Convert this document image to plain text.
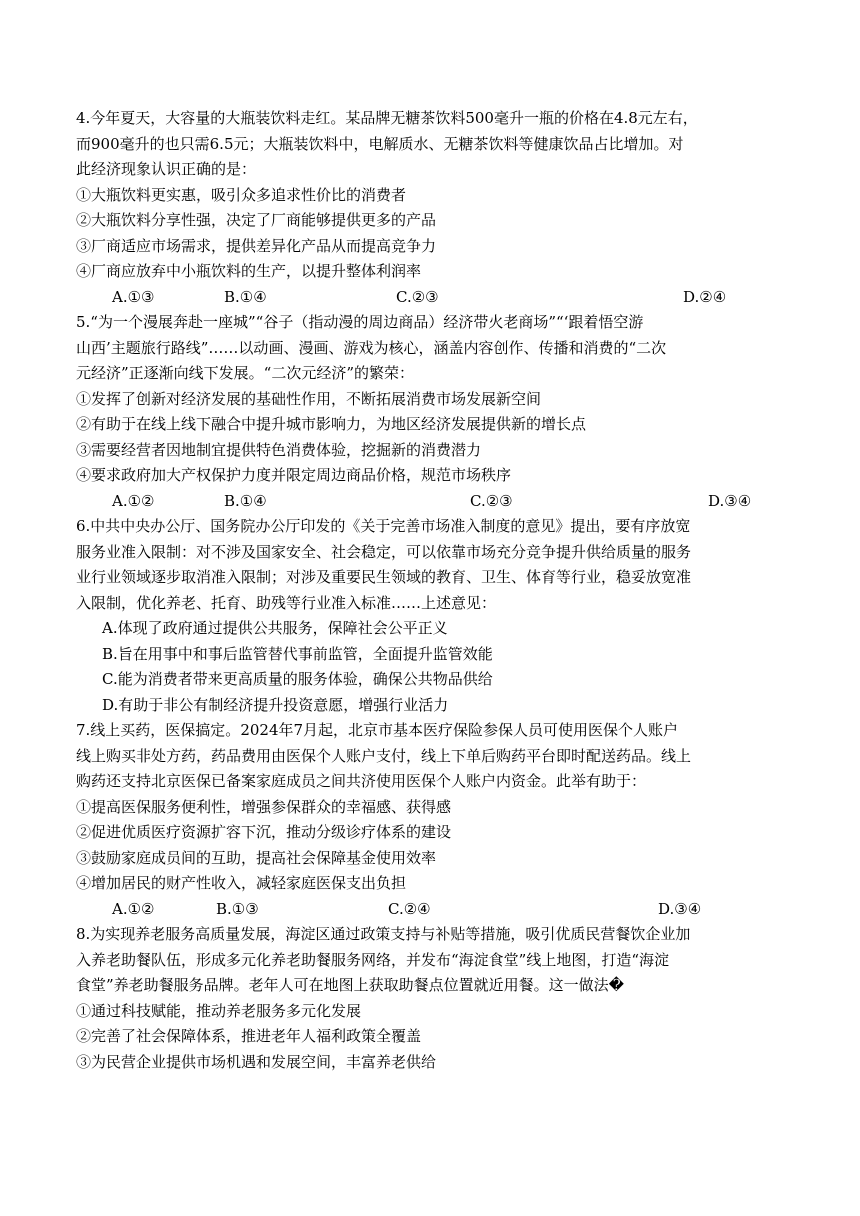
4.今年夏天，大容量的大瓶装饮料走红。某品牌无糖茶饮料500毫升一瓶的价格在4.8元左右，
而900毫升的也只需6.5元；大瓶装饮料中，电解质水、无糖茶饮料等健康饮品占比增加。对
此经济现象认识正确的是：
①大瓶饮料更实惠，吸引众多追求性价比的消费者
②大瓶饮料分享性强，决定了厂商能够提供更多的产品
③厂商适应市场需求，提供差异化产品从而提高竞争力
④厂商应放弃中小瓶饮料的生产，以提升整体利润率
A.①③	B.①④	C.②③	D.②④
5.“为一个漫展奔赴一座城”“谷子（指动漫的周边商品）经济带火老商场”“‘跟着悟空游
山西’主题旅行路线”……以动画、漫画、游戏为核心，涵盖内容创作、传播和消费的“二次
元经济”正逐渐向线下发展。“二次元经济”的繁荣：
①发挥了创新对经济发展的基础性作用，不断拓展消费市场发展新空间
②有助于在线上线下融合中提升城市影响力，为地区经济发展提供新的增长点
③需要经营者因地制宜提供特色消费体验，挖掘新的消费潜力
④要求政府加大产权保护力度并限定周边商品价格，规范市场秩序
A.①②	B.①④	C.②③	D.③④
6.中共中央办公厅、国务院办公厅印发的《关于完善市场准入制度的意见》提出，要有序放宽
服务业准入限制：对不涉及国家安全、社会稳定，可以依靠市场充分竞争提升供给质量的服务
业行业领域逐步取消准入限制；对涉及重要民生领域的教育、卫生、体育等行业，稳妥放宽准
入限制，优化养老、托育、助残等行业准入标准……上述意见：
A.体现了政府通过提供公共服务，保障社会公平正义
B.旨在用事中和事后监管替代事前监管，全面提升监管效能
C.能为消费者带来更高质量的服务体验，确保公共物品供给
D.有助于非公有制经济提升投资意愿，增强行业活力
7.线上买药，医保搞定。2024年7月起，北京市基本医疗保险参保人员可使用医保个人账户
线上购买非处方药，药品费用由医保个人账户支付，线上下单后购药平台即时配送药品。线上
购药还支持北京医保已备案家庭成员之间共济使用医保个人账户内资金。此举有助于：
①提高医保服务便利性，增强参保群众的幸福感、获得感
②促进优质医疗资源扩容下沉，推动分级诊疗体系的建设
③鼓励家庭成员间的互助，提高社会保障基金使用效率
④增加居民的财产性收入，减轻家庭医保支出负担
A.①②	B.①③	C.②④	D.③④
8.为实现养老服务高质量发展，海淀区通过政策支持与补贴等措施，吸引优质民营餐饮企业加
入养老助餐队伍，形成多元化养老助餐服务网络，并发布“海淀食堂”线上地图，打造“海淀
食堂”养老助餐服务品牌。老年人可在地图上获取助餐点位置就近用餐。这一做法�
①通过科技赋能，推动养老服务多元化发展
②完善了社会保障体系，推进老年人福利政策全覆盖
③为民营企业提供市场机遇和发展空间，丰富养老供给
